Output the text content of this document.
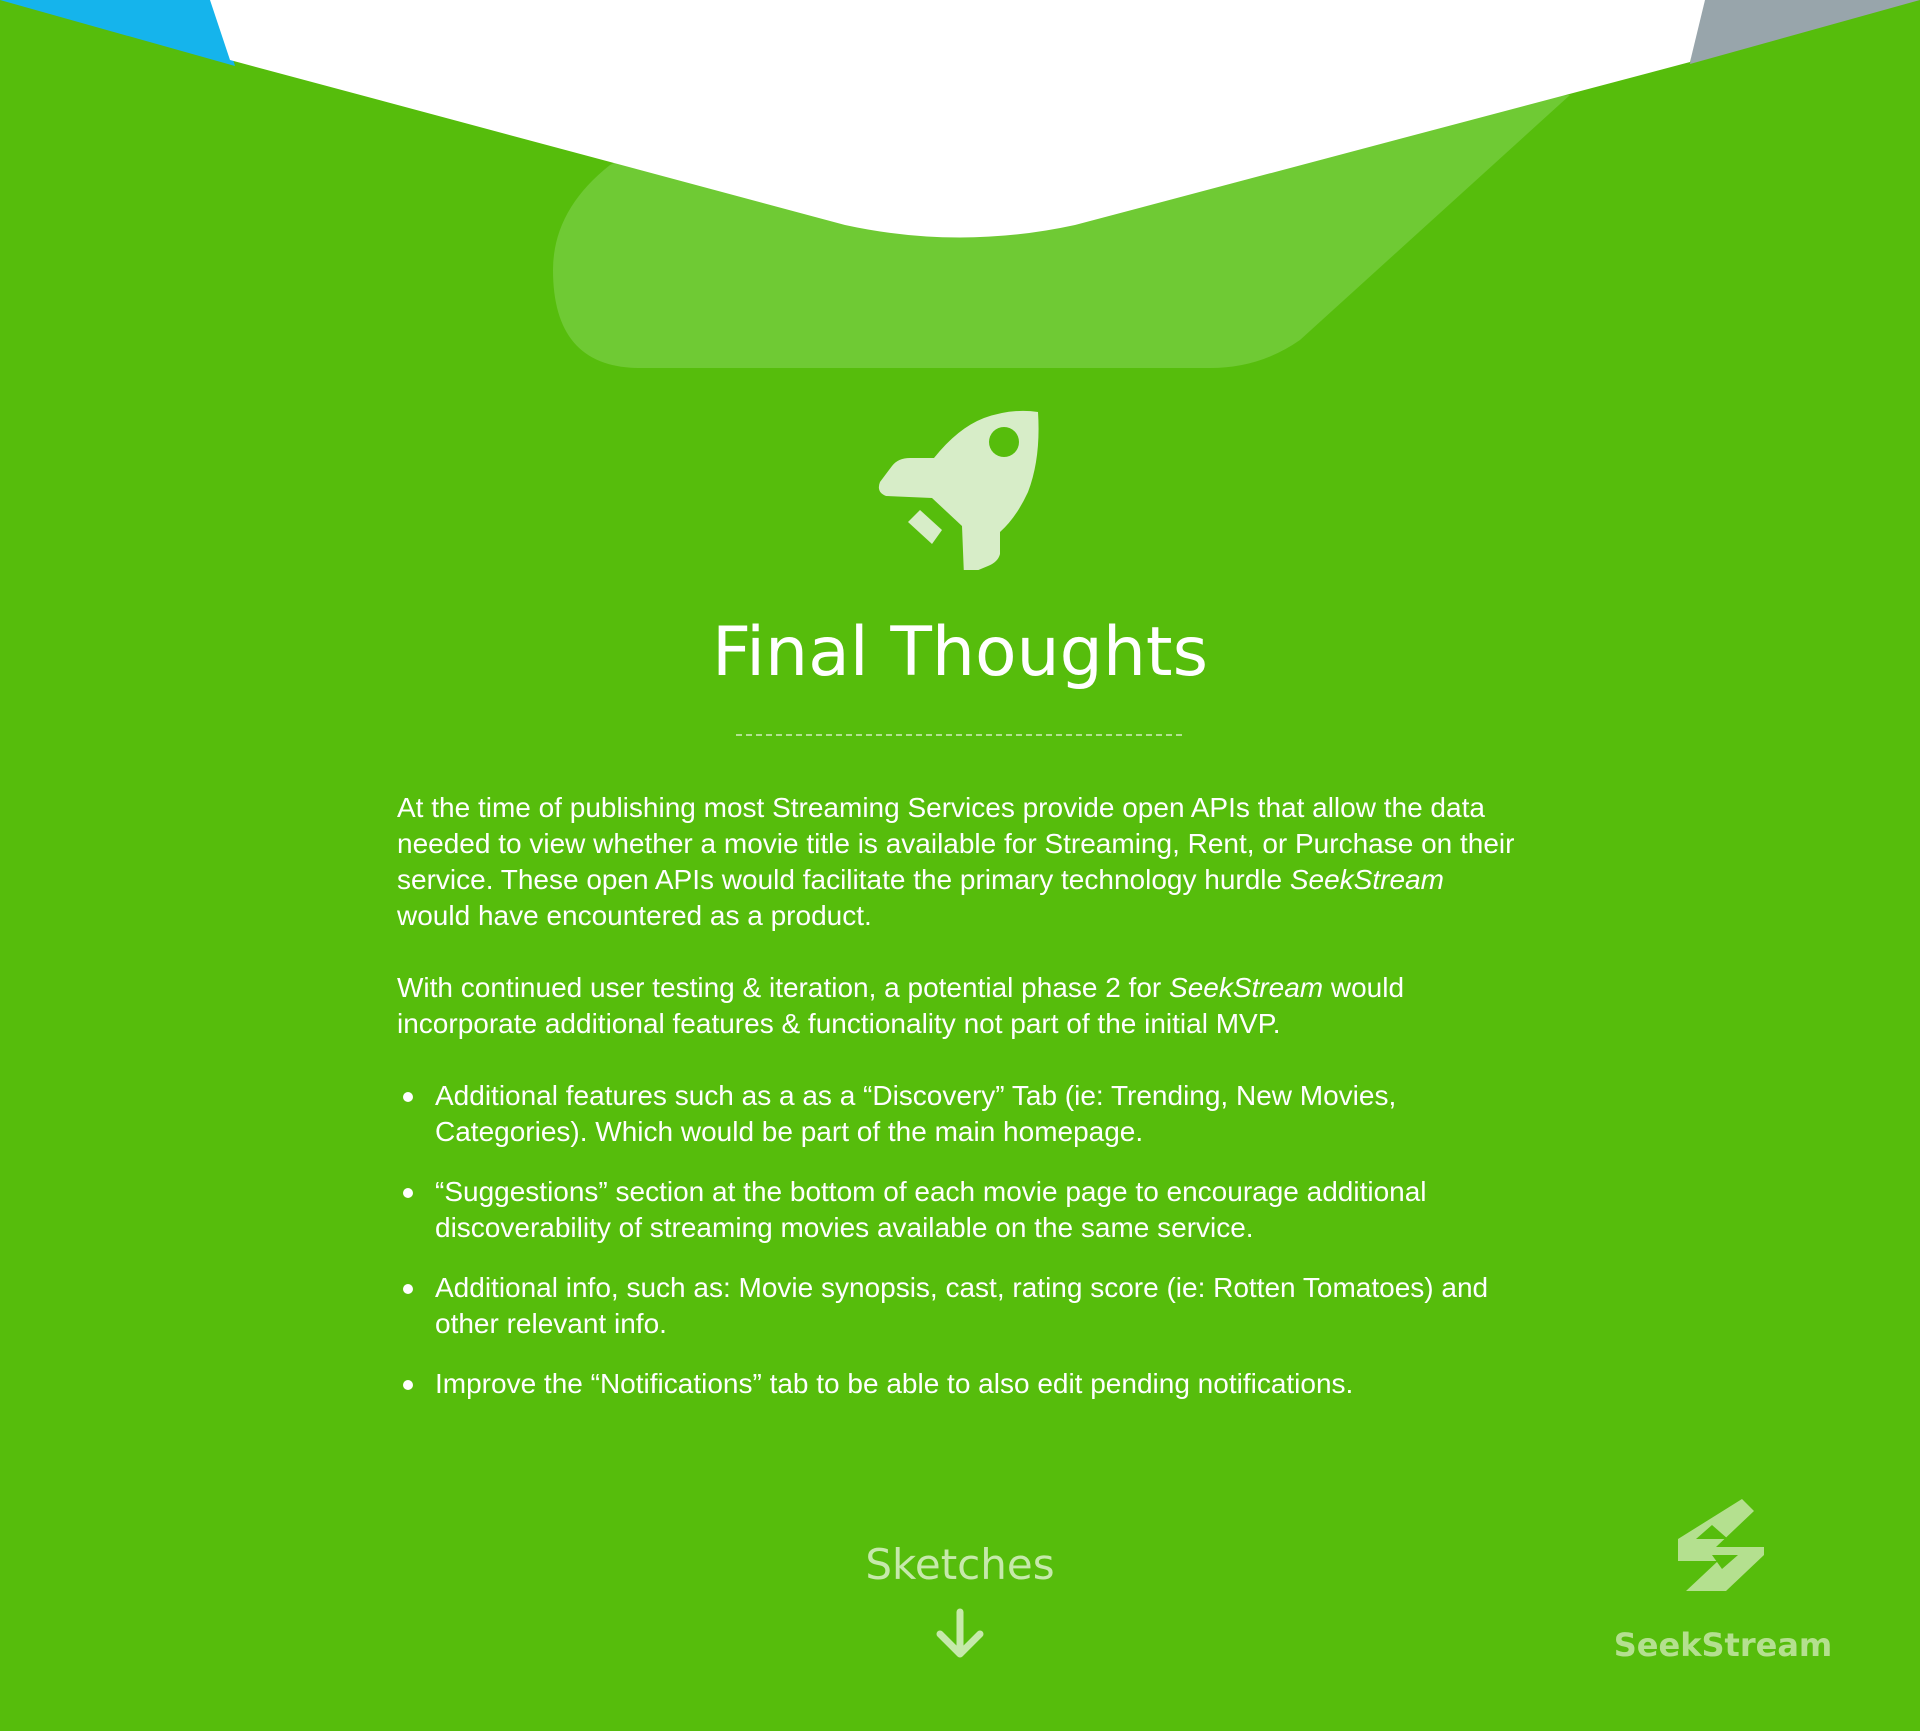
Final Thoughts

At the time of publishing most Streaming Services provide open APIs that allow the data needed to view whether a movie title is available for Streaming, Rent, or Purchase on their service. These open APIs would facilitate the primary technology hurdle SeekStream would have encountered as a product.

With continued user testing & iteration, a potential phase 2 for SeekStream would incorporate additional features & functionality not part of the initial MVP.

Additional features such as a as a “Discovery” Tab (ie: Trending, New Movies, Categories). Which would be part of the main homepage.
“Suggestions” section at the bottom of each movie page to encourage additional discoverability of streaming movies available on the same service.
Additional info, such as: Movie synopsis, cast, rating score (ie: Rotten Tomatoes) and other relevant info.
Improve the “Notifications” tab to be able to also edit pending notifications.
Sketches
SeekStream
